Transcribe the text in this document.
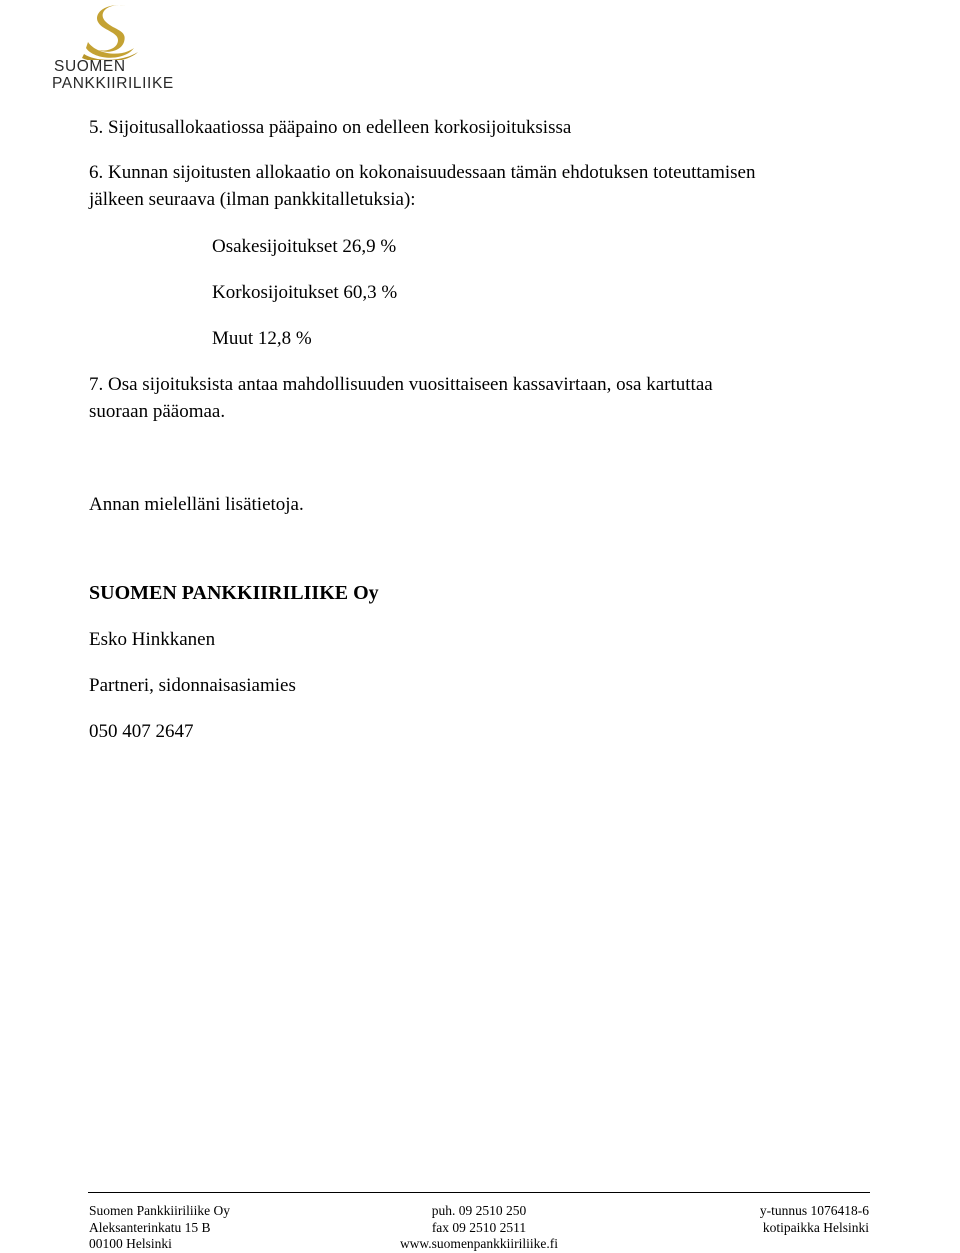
SUOMEN
PANKKIIRILIIKE
5. Sijoitusallokaatiossa pääpaino on edelleen korkosijoituksissa
6. Kunnan sijoitusten allokaatio on kokonaisuudessaan tämän ehdotuksen toteuttamisen
jälkeen seuraava (ilman pankkitalletuksia):
Osakesijoitukset 26,9 %
Korkosijoitukset 60,3 %
Muut 12,8 %
7. Osa sijoituksista antaa mahdollisuuden vuosittaiseen kassavirtaan, osa kartuttaa
suoraan pääomaa.
Annan mielelläni lisätietoja.
SUOMEN PANKKIIRILIIKE Oy
Esko Hinkkanen
Partneri, sidonnaisasiamies
050 407 2647
Suomen Pankkiiriliike Oy
Aleksanterinkatu 15 B
00100 Helsinki
puh. 09 2510 250
fax 09 2510 2511
www.suomenpankkiiriliike.fi
y-tunnus 1076418-6
kotipaikka Helsinki
